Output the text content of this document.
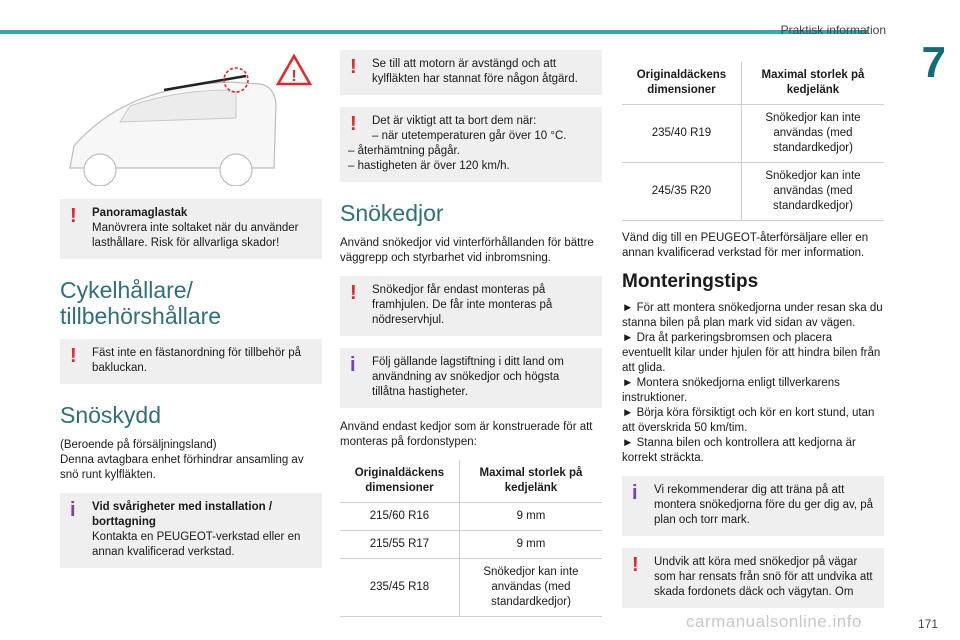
Praktisk information
7
!
! Panoramaglastak
Manövrera inte soltaket när du använder lasthållare. Risk för allvarliga skador!
Cykelhållare/ tillbehörshållare
! Fäst inte en fästanordning för tillbehör på bakluckan.
Snöskydd

(Beroende på försäljningsland)
Denna avtagbara enhet förhindrar ansamling av snö runt kylfläkten.

i Vid svårigheter med installation / borttagning
Kontakta en PEUGEOT-verkstad eller en annan kvalificerad verkstad.
! Se till att motorn är avstängd och att kylfläkten har stannat före någon åtgärd.
! Det är viktigt att ta bort dem när:
– när utetemperaturen går över 10 °C.
– återhämtning pågår.
– hastigheten är över 120 km/h.
Snökedjor

Använd snökedjor vid vinterförhållanden för bättre väggrepp och styrbarhet vid inbromsning.

! Snökedjor får endast monteras på framhjulen. De får inte monteras på nödreservhjul.
i Följ gällande lagstiftning i ditt land om användning av snökedjor och högsta tillåtna hastigheter.

Använd endast kedjor som är konstruerade för att monteras på fordonstypen:

Originaldäckens dimensioner	Maximal storlek på kedjelänk
215/60 R16	9 mm
215/55 R17	9 mm
235/45 R18	Snökedjor kan inte användas (med standardkedjor)
Originaldäckens dimensioner	Maximal storlek på kedjelänk
235/40 R19	Snökedjor kan inte användas (med standardkedjor)
245/35 R20	Snökedjor kan inte användas (med standardkedjor)

Vänd dig till en PEUGEOT-återförsäljare eller en annan kvalificerad verkstad för mer information.

Monteringstips
► För att montera snökedjorna under resan ska du stanna bilen på plan mark vid sidan av vägen.
► Dra åt parkeringsbromsen och placera eventuellt kilar under hjulen för att hindra bilen från att glida.
► Montera snökedjorna enligt tillverkarens instruktioner.
► Börja köra försiktigt och kör en kort stund, utan att överskrida 50 km/tim.
► Stanna bilen och kontrollera att kedjorna är korrekt sträckta.
i Vi rekommenderar dig att träna på att montera snökedjorna före du ger dig av, på plan och torr mark.
! Undvik att köra med snökedjor på vägar som har rensats från snö för att undvika att skada fordonets däck och vägytan. Om
carmanualsonline.info	171
